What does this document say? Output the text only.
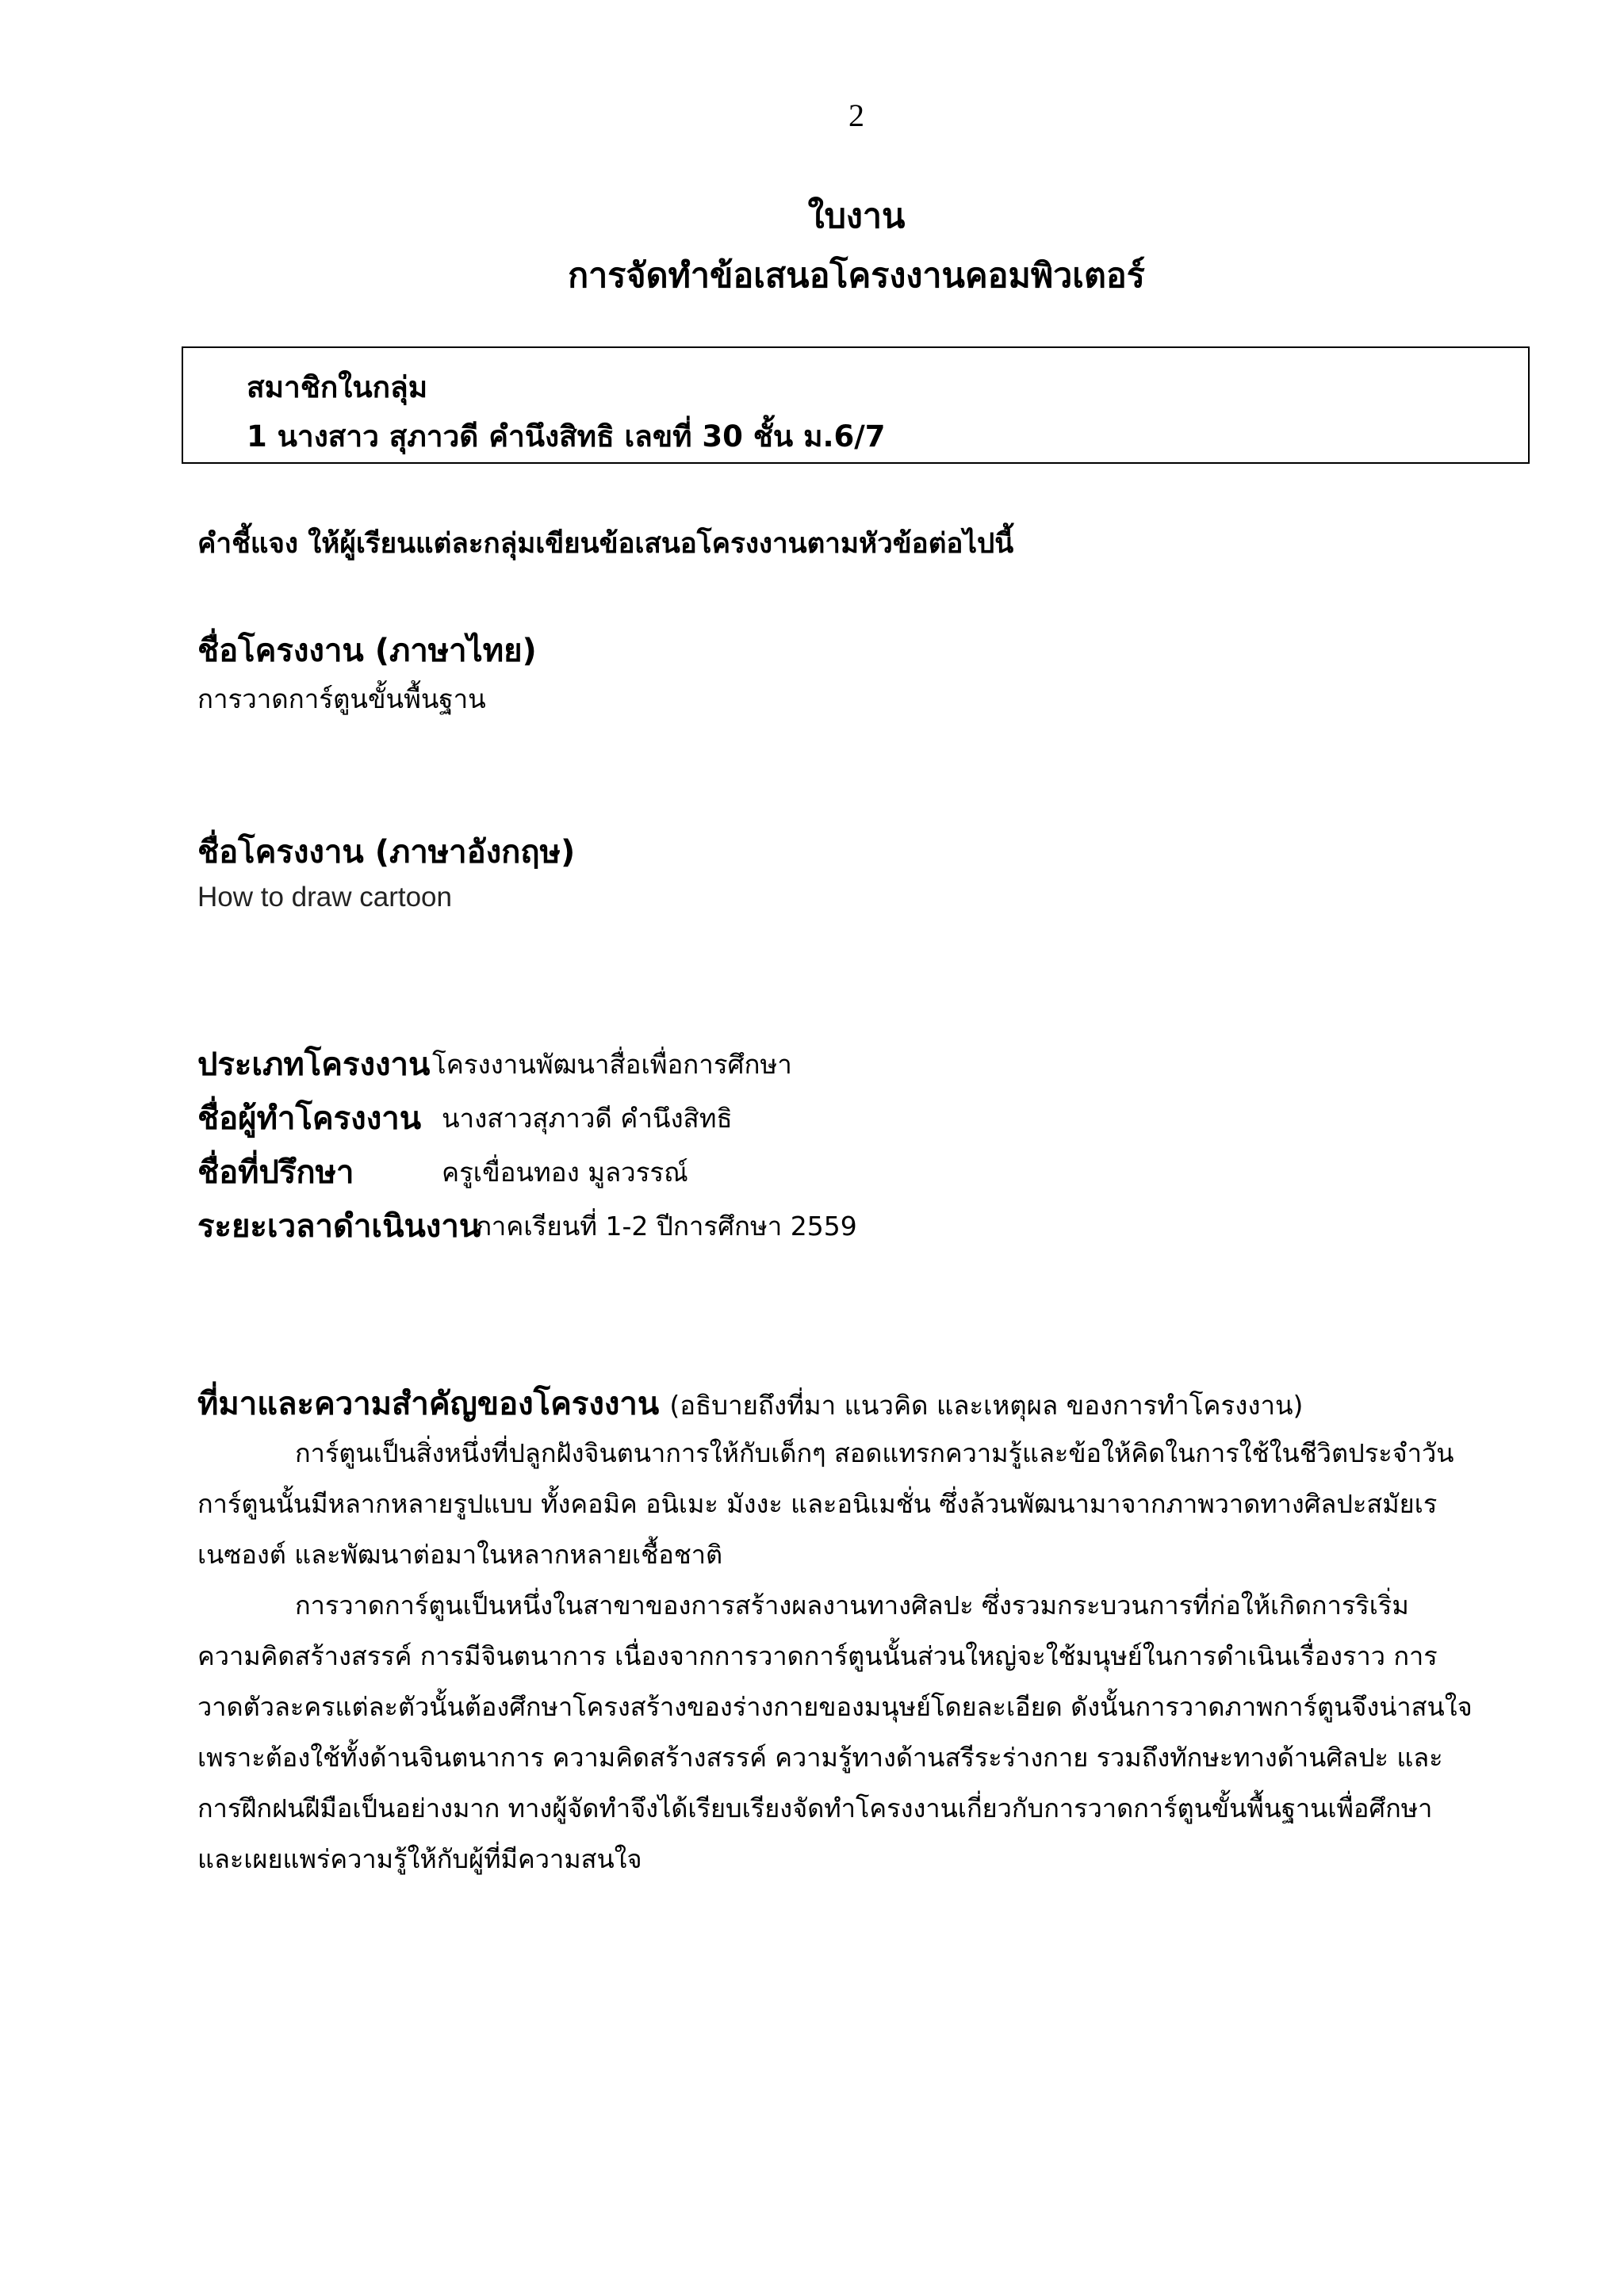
2
ใบงาน
การจัดทำข้อเสนอโครงงานคอมพิวเตอร์
สมาชิกในกลุ่ม
1 นางสาว สุภาวดี คำนึงสิทธิ เลขที่ 30 ชั้น ม.6/7
คำชี้แจง ให้ผู้เรียนแต่ละกลุ่มเขียนข้อเสนอโครงงานตามหัวข้อต่อไปนี้
ชื่อโครงงาน (ภาษาไทย)
การวาดการ์ตูนขั้นพื้นฐาน
ชื่อโครงงาน (ภาษาอังกฤษ)
How to draw cartoon
ประเภทโครงงาน โครงงานพัฒนาสื่อเพื่อการศึกษา
ชื่อผู้ทำโครงงาน นางสาวสุภาวดี คำนึงสิทธิ
ชื่อที่ปรึกษา	ครูเขื่อนทอง มูลวรรณ์
ระยะเวลาดำเนินงาน
ภาคเรียนที่ 1-2 ปีการศึกษา 2559
ที่มาและความสำคัญของโครงงาน (อธิบายถึงที่มา แนวคิด และเหตุผล ของการทำโครงงาน)
การ์ตูนเป็นสิ่งหนึ่งที่ปลูกฝังจินตนาการให้กับเด็กๆ สอดแทรกความรู้และข้อให้คิดในการใช้ในชีวิตประจำวัน
การ์ตูนนั้นมีหลากหลายรูปแบบ ทั้งคอมิค อนิเมะ มังงะ และอนิเมชั่น ซึ่งล้วนพัฒนามาจากภาพวาดทางศิลปะสมัยเร
เนซองต์ และพัฒนาต่อมาในหลากหลายเชื้อชาติ
การวาดการ์ตูนเป็นหนึ่งในสาขาของการสร้างผลงานทางศิลปะ ซึ่งรวมกระบวนการที่ก่อให้เกิดการริเริ่ม
ความคิดสร้างสรรค์ การมีจินตนาการ เนื่องจากการวาดการ์ตูนนั้นส่วนใหญ่จะใช้มนุษย์ในการดำเนินเรื่องราว การ
วาดตัวละครแต่ละตัวนั้นต้องศึกษาโครงสร้างของร่างกายของมนุษย์โดยละเอียด ดังนั้นการวาดภาพการ์ตูนจึงน่าสนใจ
เพราะต้องใช้ทั้งด้านจินตนาการ ความคิดสร้างสรรค์ ความรู้ทางด้านสรีระร่างกาย รวมถึงทักษะทางด้านศิลปะ และ
การฝึกฝนฝีมือเป็นอย่างมาก ทางผู้จัดทำจึงได้เรียบเรียงจัดทำโครงงานเกี่ยวกับการวาดการ์ตูนขั้นพื้นฐานเพื่อศึกษา
และเผยแพร่ความรู้ให้กับผู้ที่มีความสนใจ
